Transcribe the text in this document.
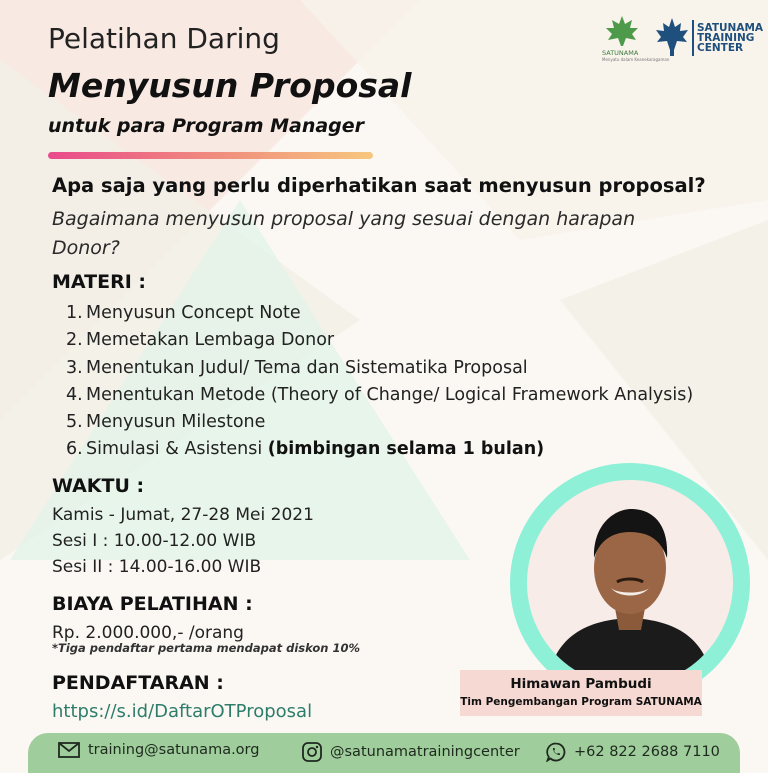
SATUNAMA
Menyatu dalam Keanekaragaman
SATUNAMA TRAINING CENTER
Pelatihan Daring
Menyusun Proposal
untuk para Program Manager
Apa saja yang perlu diperhatikan saat menyusun proposal?
Bagaimana menyusun proposal yang sesuai dengan harapan Donor?
MATERI :
1. Menyusun Concept Note
2. Memetakan Lembaga Donor
3. Menentukan Judul/ Tema dan Sistematika Proposal
4. Menentukan Metode (Theory of Change/ Logical Framework Analysis)
5. Menyusun Milestone
6. Simulasi & Asistensi (bimbingan selama 1 bulan)
WAKTU :
Kamis - Jumat, 27-28 Mei 2021
Sesi I : 10.00-12.00 WIB
Sesi II : 14.00-16.00 WIB
BIAYA PELATIHAN :
Rp. 2.000.000,- /orang
*Tiga pendaftar pertama mendapat diskon 10%
PENDAFTARAN :
https://s.id/DaftarOTProposal
Himawan Pambudi
Tim Pengembangan Program SATUNAMA
training@satunama.org	@satunamatrainingcenter	+62 822 2688 7110
